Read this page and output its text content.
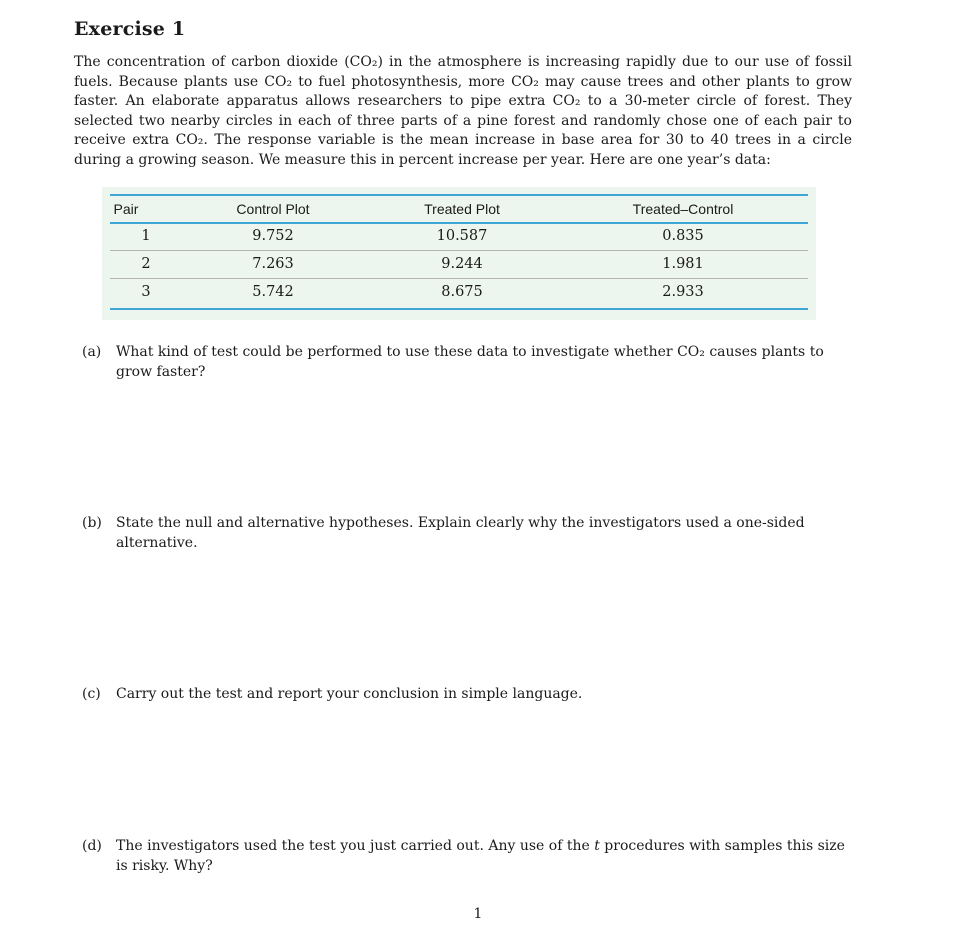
Exercise 1
The concentration of carbon dioxide (CO₂) in the atmosphere is increasing rapidly due to our use of fossil fuels. Because plants use CO₂ to fuel photosynthesis, more CO₂ may cause trees and other plants to grow faster. An elaborate apparatus allows researchers to pipe extra CO₂ to a 30-meter circle of forest. They selected two nearby circles in each of three parts of a pine forest and randomly chose one of each pair to receive extra CO₂. The response variable is the mean increase in base area for 30 to 40 trees in a circle during a growing season. We measure this in percent increase per year. Here are one year’s data:
Pair	Control Plot	Treated Plot	Treated–Control
1	9.752	10.587	0.835
2	7.263	9.244	1.981
3	5.742	8.675	2.933
(a) What kind of test could be performed to use these data to investigate whether CO₂ causes plants to grow faster?
(b) State the null and alternative hypotheses. Explain clearly why the investigators used a one-sided alternative.
(c) Carry out the test and report your conclusion in simple language.
(d) The investigators used the test you just carried out. Any use of the t procedures with samples this size is risky. Why?
1
